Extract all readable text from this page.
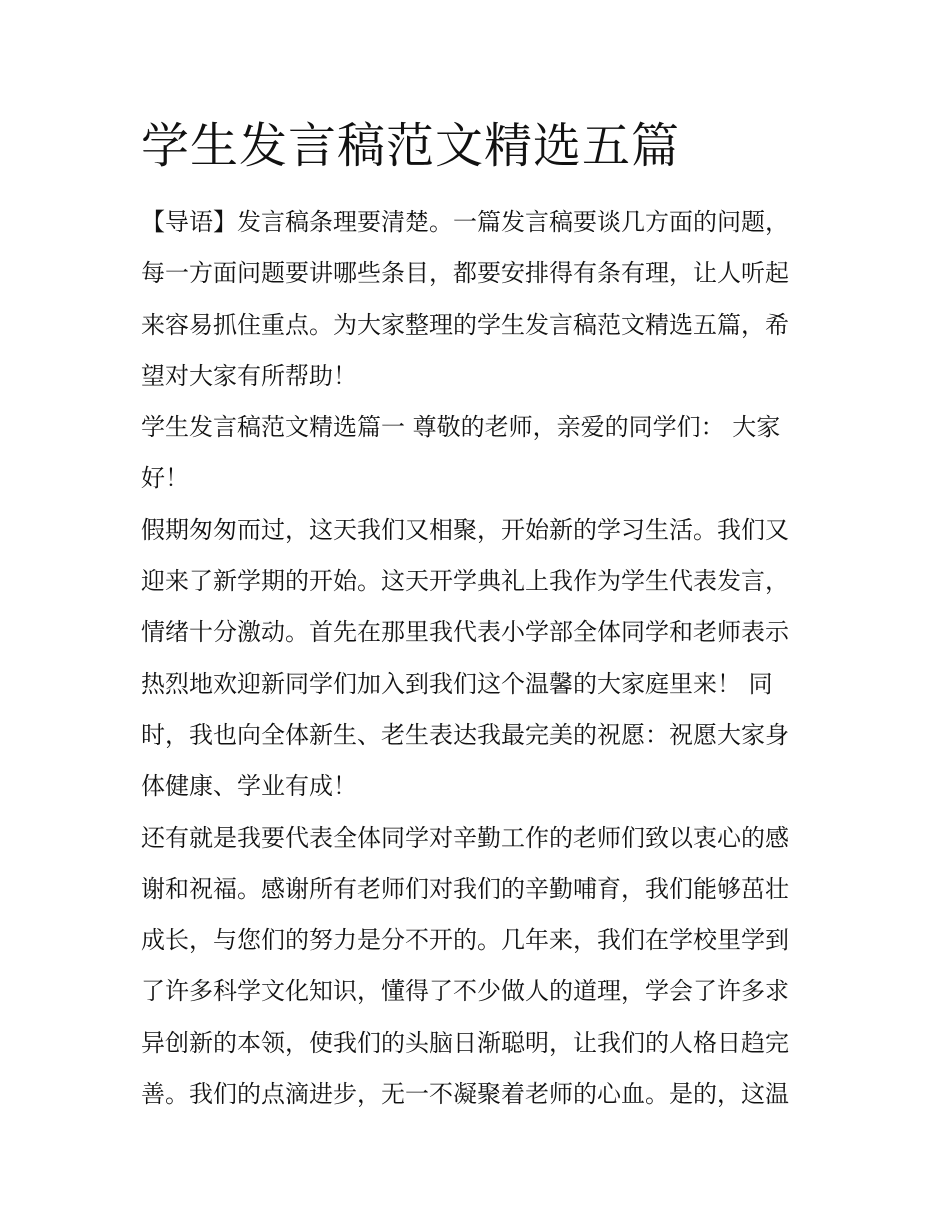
学生发言稿范文精选五篇
【导语】发言稿条理要清楚。一篇发言稿要谈几方面的问题，
每一方面问题要讲哪些条目，都要安排得有条有理，让人听起
来容易抓住重点。为大家整理的学生发言稿范文精选五篇，希
望对大家有所帮助！
学生发言稿范文精选篇一 尊敬的老师，亲爱的同学们： 大家
好！
假期匆匆而过，这天我们又相聚，开始新的学习生活。我们又
迎来了新学期的开始。这天开学典礼上我作为学生代表发言，
情绪十分激动。首先在那里我代表小学部全体同学和老师表示
热烈地欢迎新同学们加入到我们这个温馨的大家庭里来！ 同
时，我也向全体新生、老生表达我最完美的祝愿：祝愿大家身
体健康、学业有成！
还有就是我要代表全体同学对辛勤工作的老师们致以衷心的感
谢和祝福。感谢所有老师们对我们的辛勤哺育，我们能够茁壮
成长，与您们的努力是分不开的。几年来，我们在学校里学到
了许多科学文化知识，懂得了不少做人的道理，学会了许多求
异创新的本领，使我们的头脑日渐聪明，让我们的人格日趋完
善。我们的点滴进步，无一不凝聚着老师的心血。是的，这温
